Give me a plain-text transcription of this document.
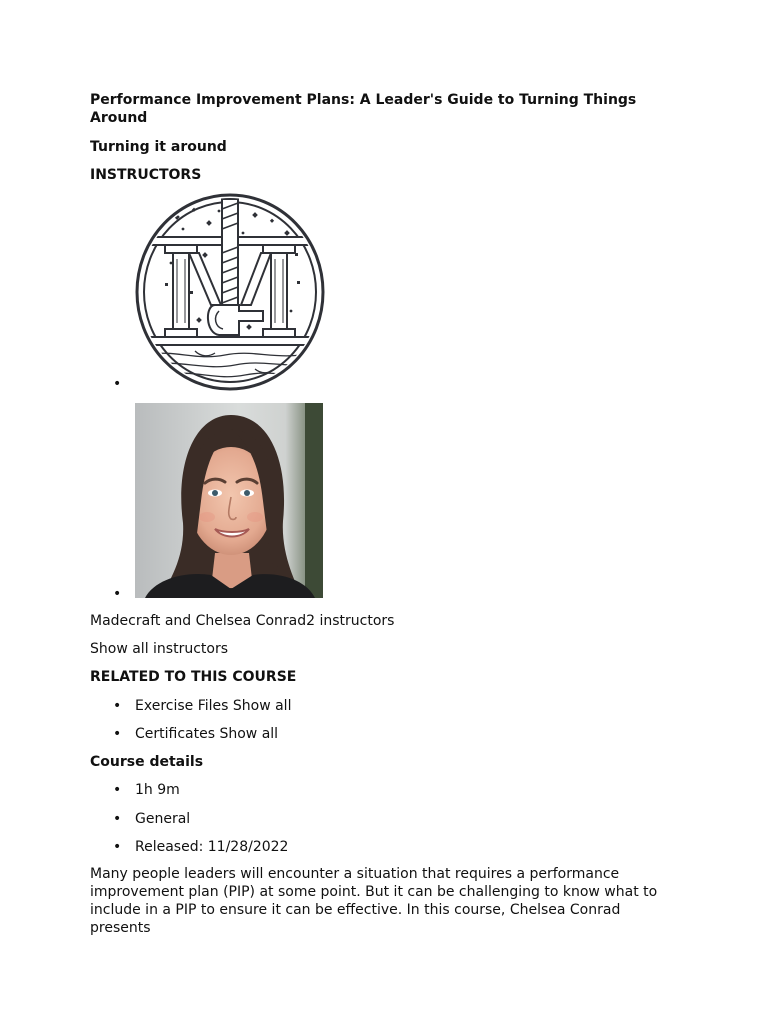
Performance Improvement Plans: A Leader's Guide to Turning Things Around
Turning it around
INSTRUCTORS
•
•

Madecraft and Chelsea Conrad2 instructors

Show all instructors

RELATED TO THIS COURSE
• Exercise Files Show all
• Certificates Show all
Course details
• 1h 9m
• General
• Released: 11/28/2022

Many people leaders will encounter a situation that requires a performance improvement plan (PIP) at some point. But it can be challenging to know what to include in a PIP to ensure it can be effective. In this course, Chelsea Conrad presents
